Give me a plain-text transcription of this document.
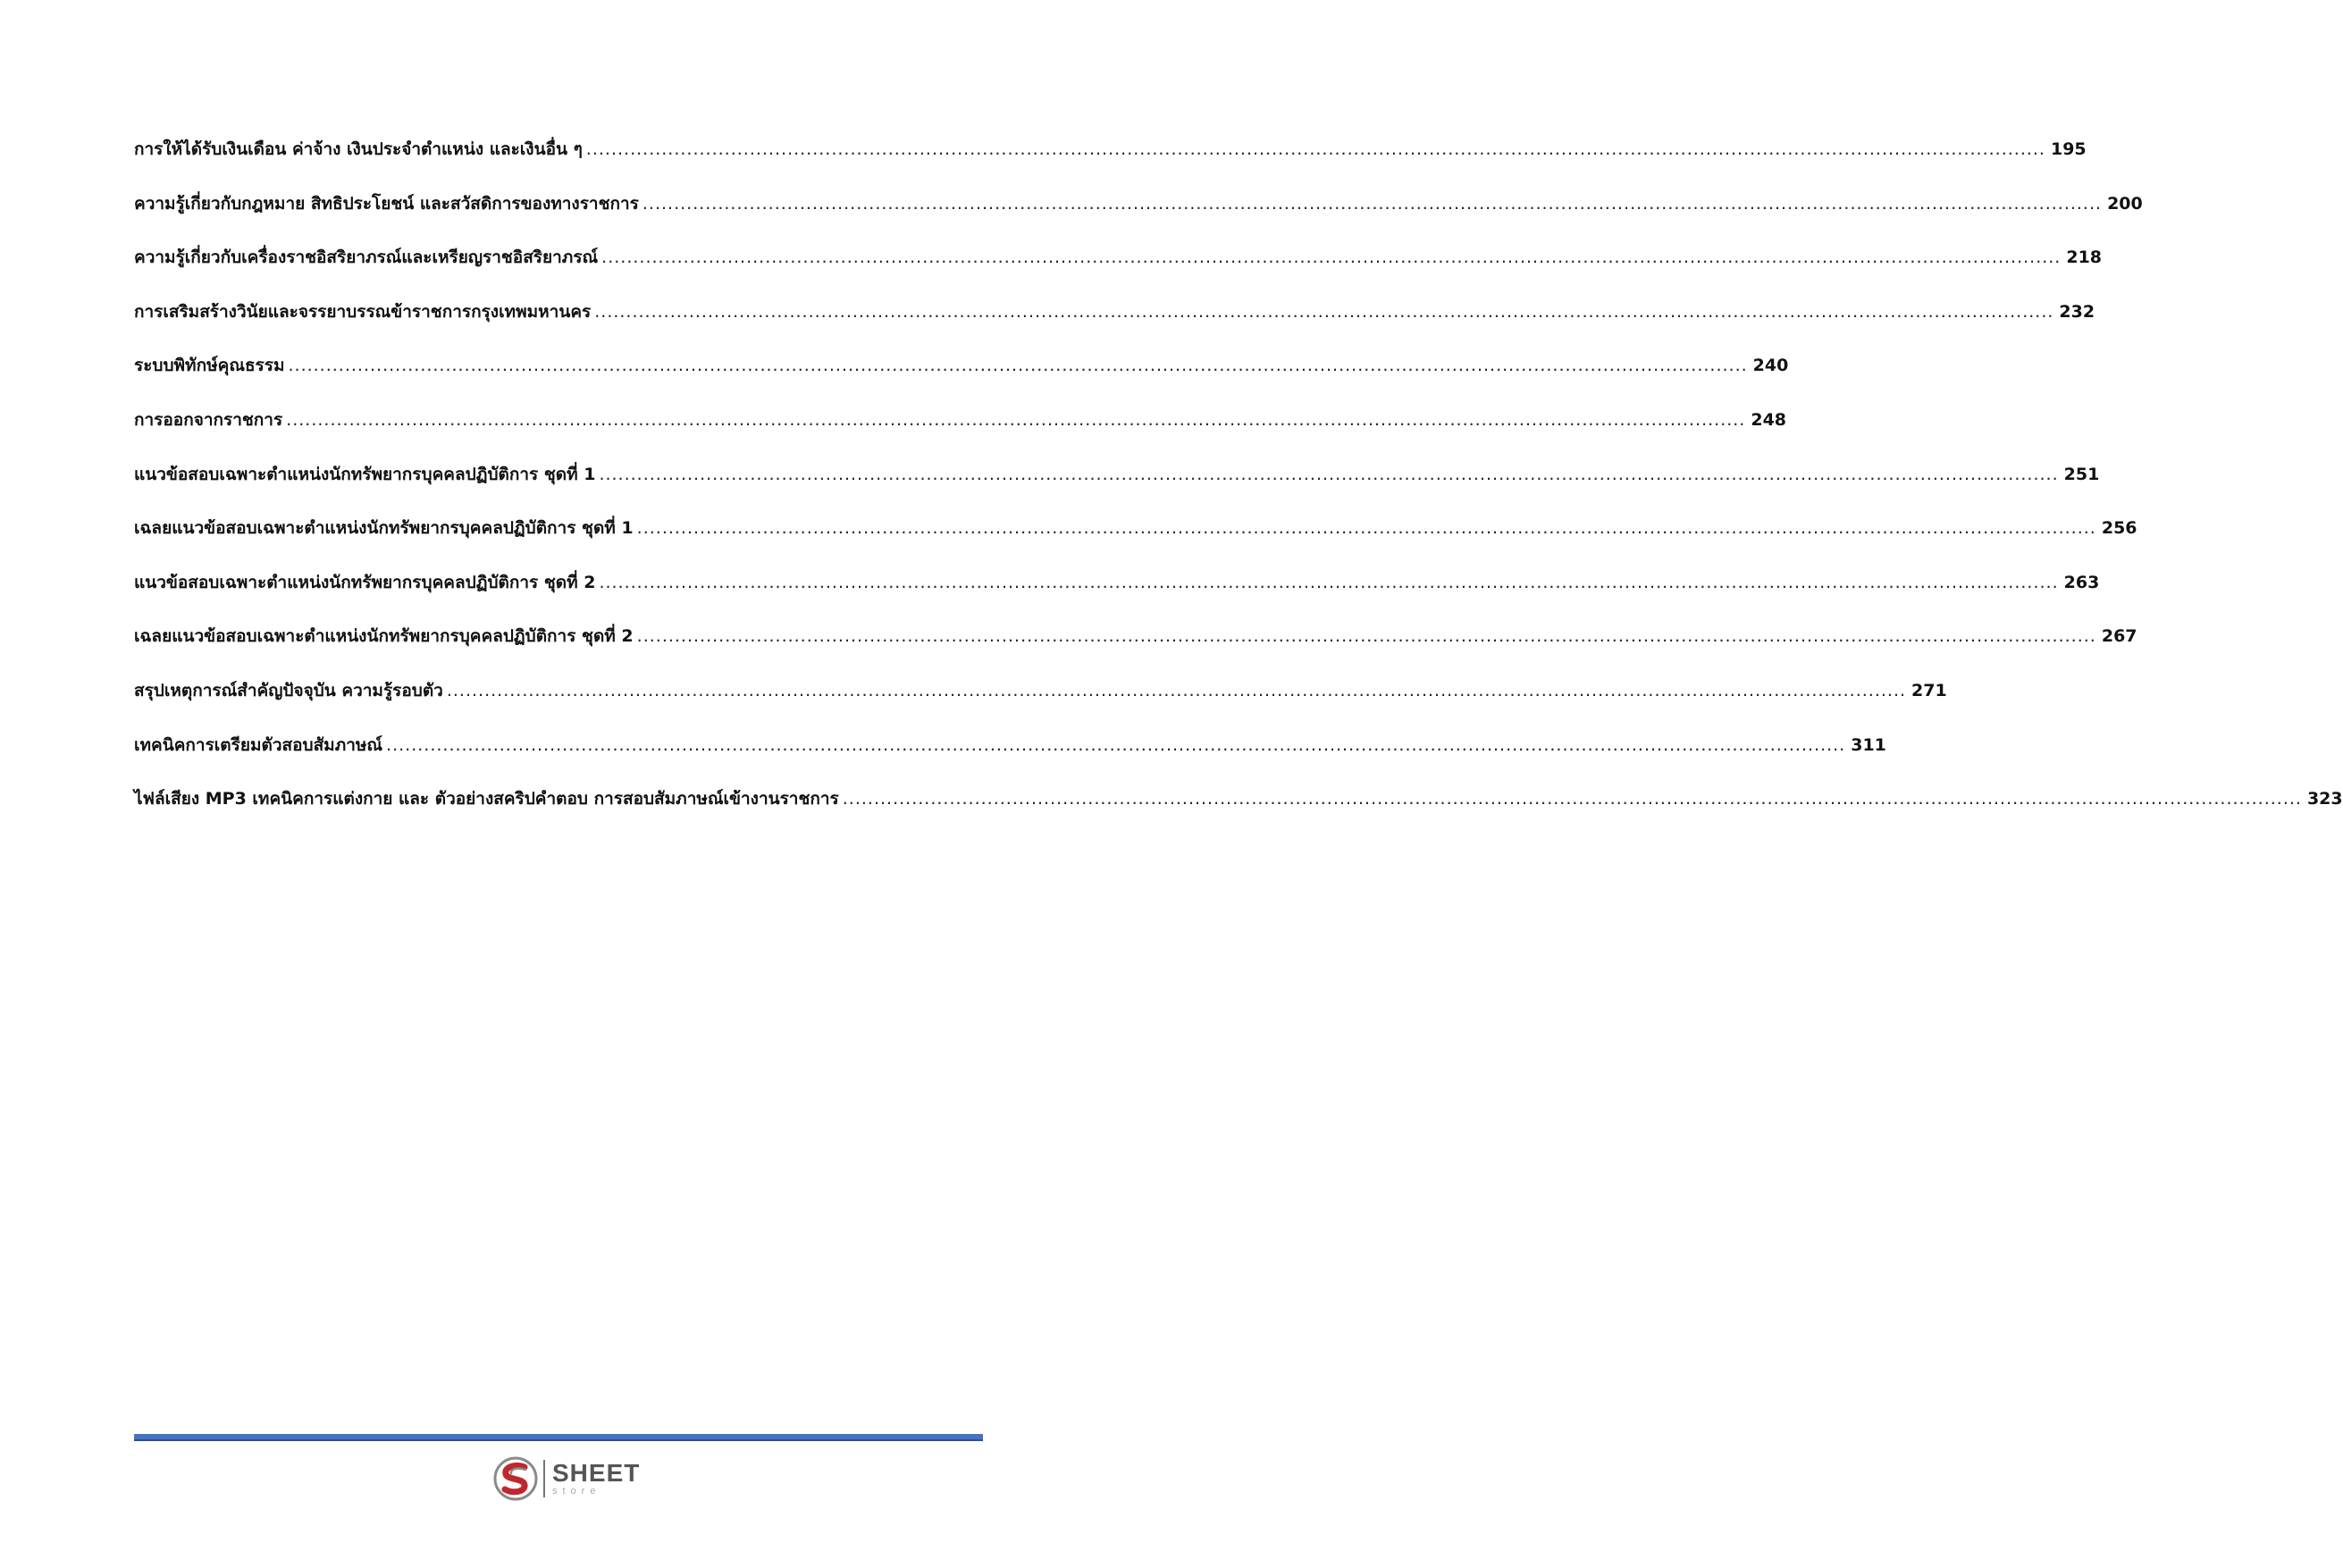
การให้ได้รับเงินเดือน ค่าจ้าง เงินประจำตำแหน่ง และเงินอื่น ๆ .....	195
ความรู้เกี่ยวกับกฎหมาย สิทธิประโยชน์ และสวัสดิการของทางราชการ .....	200
ความรู้เกี่ยวกับเครื่องราชอิสริยาภรณ์และเหรียญราชอิสริยาภรณ์ .....	218
การเสริมสร้างวินัยและจรรยาบรรณข้าราชการกรุงเทพมหานคร .....	232
ระบบพิทักษ์คุณธรรม .....	240
การออกจากราชการ .....	248
แนวข้อสอบเฉพาะตำแหน่งนักทรัพยากรบุคคลปฏิบัติการ ชุดที่ 1 .....	251
เฉลยแนวข้อสอบเฉพาะตำแหน่งนักทรัพยากรบุคคลปฏิบัติการ ชุดที่ 1 .....	256
แนวข้อสอบเฉพาะตำแหน่งนักทรัพยากรบุคคลปฏิบัติการ ชุดที่ 2 .....	263
เฉลยแนวข้อสอบเฉพาะตำแหน่งนักทรัพยากรบุคคลปฏิบัติการ ชุดที่ 2 .....	267
สรุปเหตุการณ์สำคัญปัจจุบัน ความรู้รอบตัว .....	271
เทคนิคการเตรียมตัวสอบสัมภาษณ์ .....	311
ไฟล์เสียง MP3 เทคนิคการแต่งกาย และ ตัวอย่างสคริปคำตอบ การสอบสัมภาษณ์เข้างานราชการ .....	323
SHEET
store
